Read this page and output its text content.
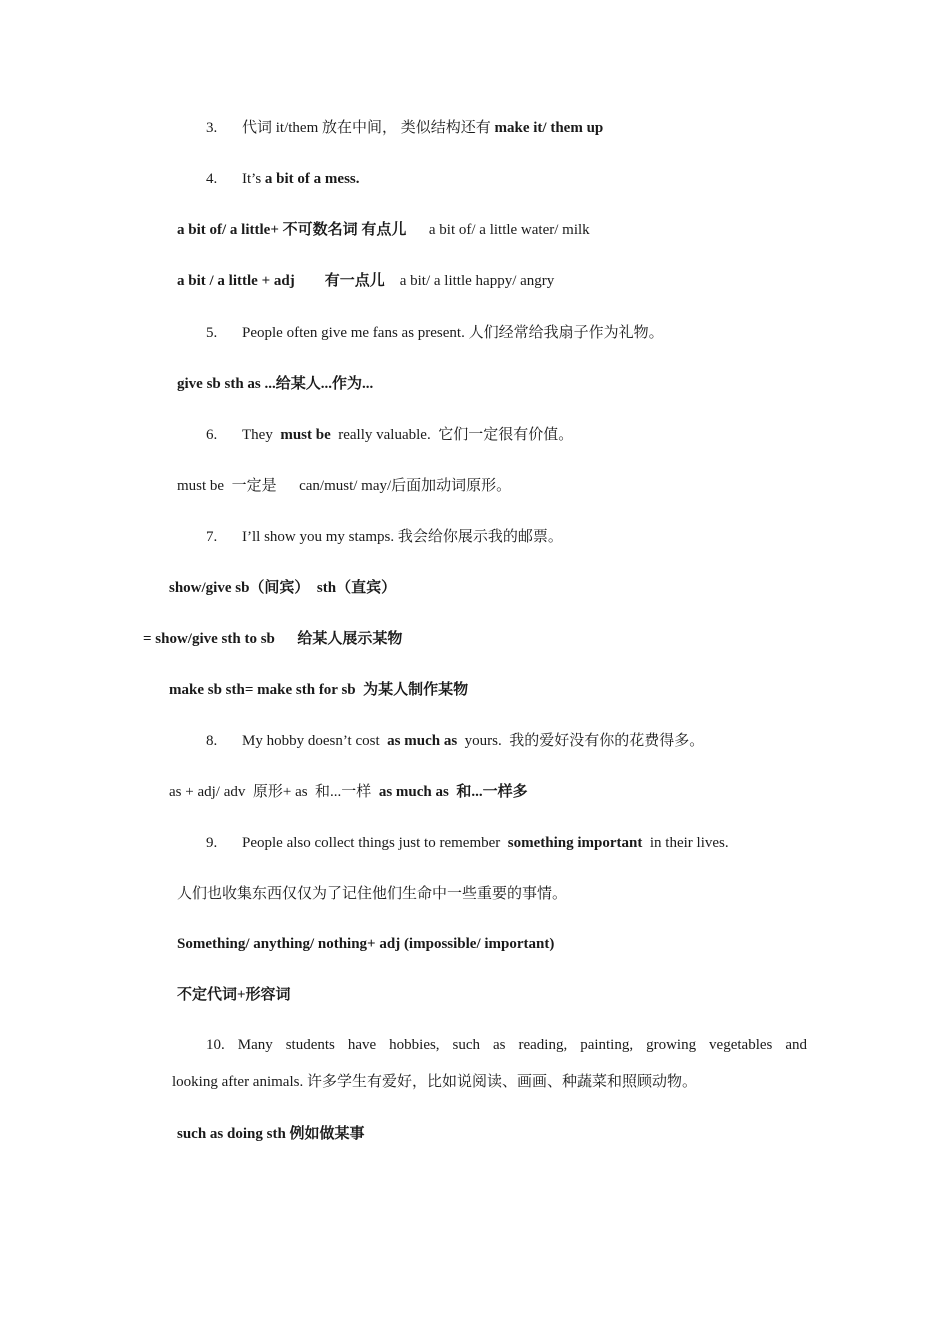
3. 代词 it/them 放在中间， 类似结构还有 make it/ them up
4. It’s a bit of a mess.
a bit of/ a little+ 不可数名词 有点儿      a bit of/ a little water/ milk
a bit / a little + adj        有一点儿    a bit/ a little happy/ angry
5. People often give me fans as present. 人们经常给我扇子作为礼物。
give sb sth as ...给某人...作为...
6. They  must be  really valuable.  它们一定很有价值。
must be  一定是      can/must/ may/后面加动词原形。
7. I’ll show you my stamps. 我会给你展示我的邮票。
show/give sb（间宾）  sth（直宾）
= show/give sth to sb      给某人展示某物
make sb sth= make sth for sb  为某人制作某物
8. My hobby doesn’t cost  as much as  yours.  我的爱好没有你的花费得多。
as + adj/ adv  原形+ as  和...一样  as much as  和...一样多
9. People also collect things just to remember  something important  in their lives.
人们也收集东西仅仅为了记住他们生命中一些重要的事情。
Something/ anything/ nothing+ adj (impossible/ important)
不定代词+形容词
10. Many students have hobbies, such as reading, painting, growing vegetables and
looking after animals. 许多学生有爱好，比如说阅读、画画、种蔬菜和照顾动物。
such as doing sth 例如做某事
